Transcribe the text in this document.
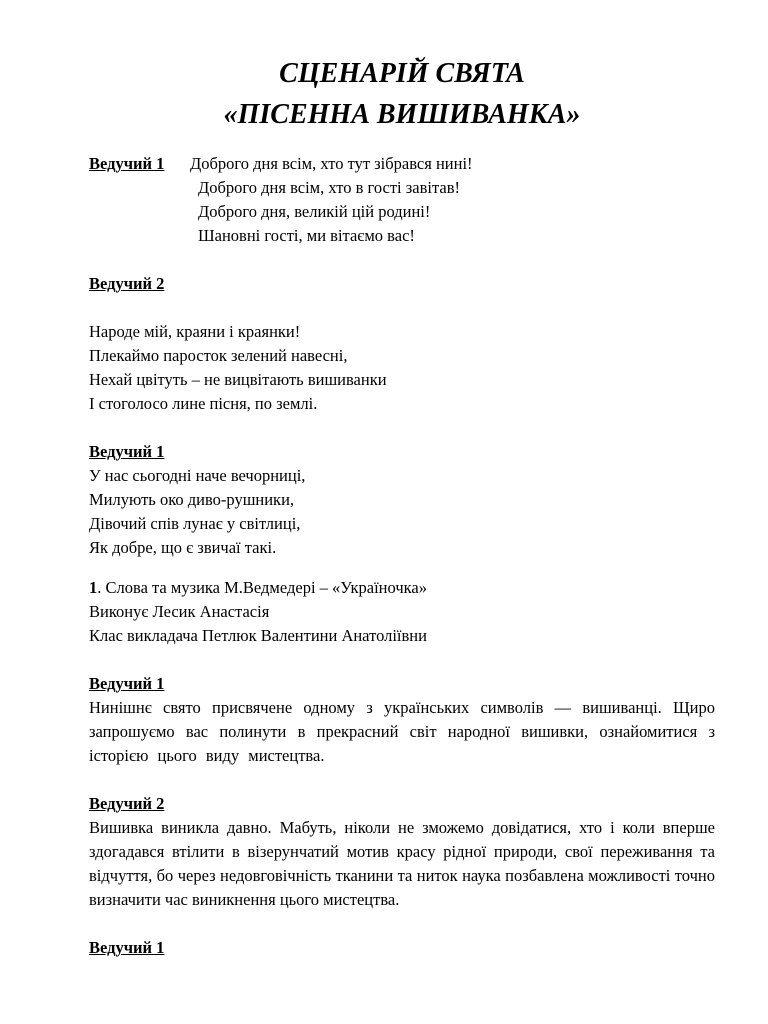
СЦЕНАРІЙ СВЯТА
«ПІСЕННА ВИШИВАНКА»
Ведучий 1 Доброго дня всім, хто тут зібрався нині!
Доброго дня всім, хто в гості завітав!
Доброго дня, великій цій родині!
Шановні гості, ми вітаємо вас!
Ведучий 2
Народе мій, краяни і краянки!
Плекаймо паросток зелений навесні,
Нехай цвітуть – не вицвітають вишиванки
І стоголосо лине пісня, по землі.
Ведучий 1
У нас сьогодні наче вечорниці,
Милують око диво-рушники,
Дівочий спів лунає у світлиці,
Як добре, що є звичаї такі.
1. Слова та музика М.Ведмедері – «Україночка»
Виконує Лесик Анастасія
Клас викладача Петлюк Валентини Анатоліївни
Ведучий 1
Нинішнє свято присвячене одному з українських символів — вишиванці. Щиро запрошуємо вас полинути в прекрасний світ народної вишивки, ознайомитися з історією цього виду мистецтва.
Ведучий 2
Вишивка виникла давно. Мабуть, ніколи не зможемо довідатися, хто і коли вперше здогадався втілити в візерунчатий мотив красу рідної природи, свої переживання та відчуття, бо через недовговічність тканини та ниток наука позбавлена можливості точно визначити час виникнення цього мистецтва.
Ведучий 1
